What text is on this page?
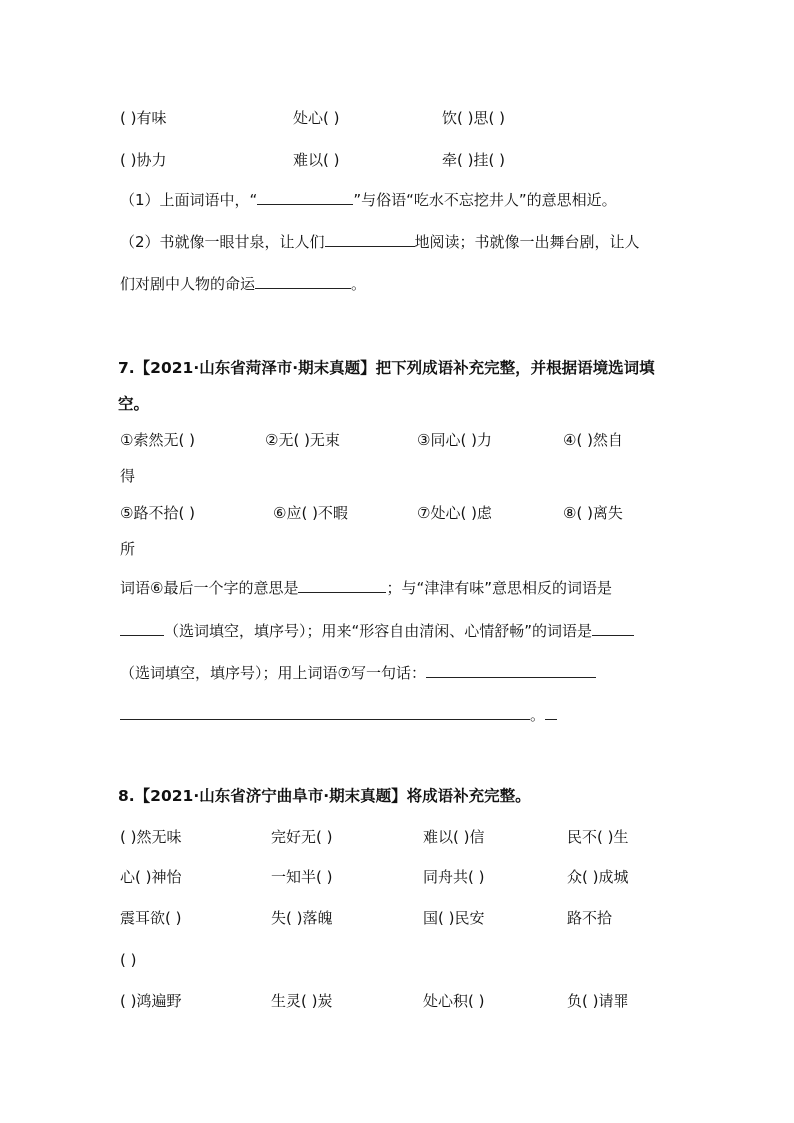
( )有味	处心( )	饮( )思( )
( )协力	难以( )	牵( )挂( )
（1）上面词语中，“	”与俗语“吃水不忘挖井人”的意思相近。
（2）书就像一眼甘泉，让人们	地阅读；书就像一出舞台剧，让人
们对剧中人物的命运	。
7.【2021·山东省菏泽市·期末真题】把下列成语补充完整，并根据语境选词填
空。
①索然无( )	②无( )无束	③同心( )力	④( )然自
得
⑤路不拾( )	⑥应( )不暇	⑦处心( )虑	⑧( )离失
所
词语⑥最后一个字的意思是	；与“津津有味”意思相反的词语是
（选词填空，填序号）；用来“形容自由清闲、心情舒畅”的词语是
（选词填空，填序号）；用上词语⑦写一句话：
。
8.【2021·山东省济宁曲阜市·期末真题】将成语补充完整。
( )然无味	完好无( )	难以( )信	民不( )生
心( )神怡	一知半( )	同舟共( )	众( )成城
震耳欲( )	失( )落魄	国( )民安	路不拾
( )
( )鸿遍野	生灵( )炭	处心积( )	负( )请罪
